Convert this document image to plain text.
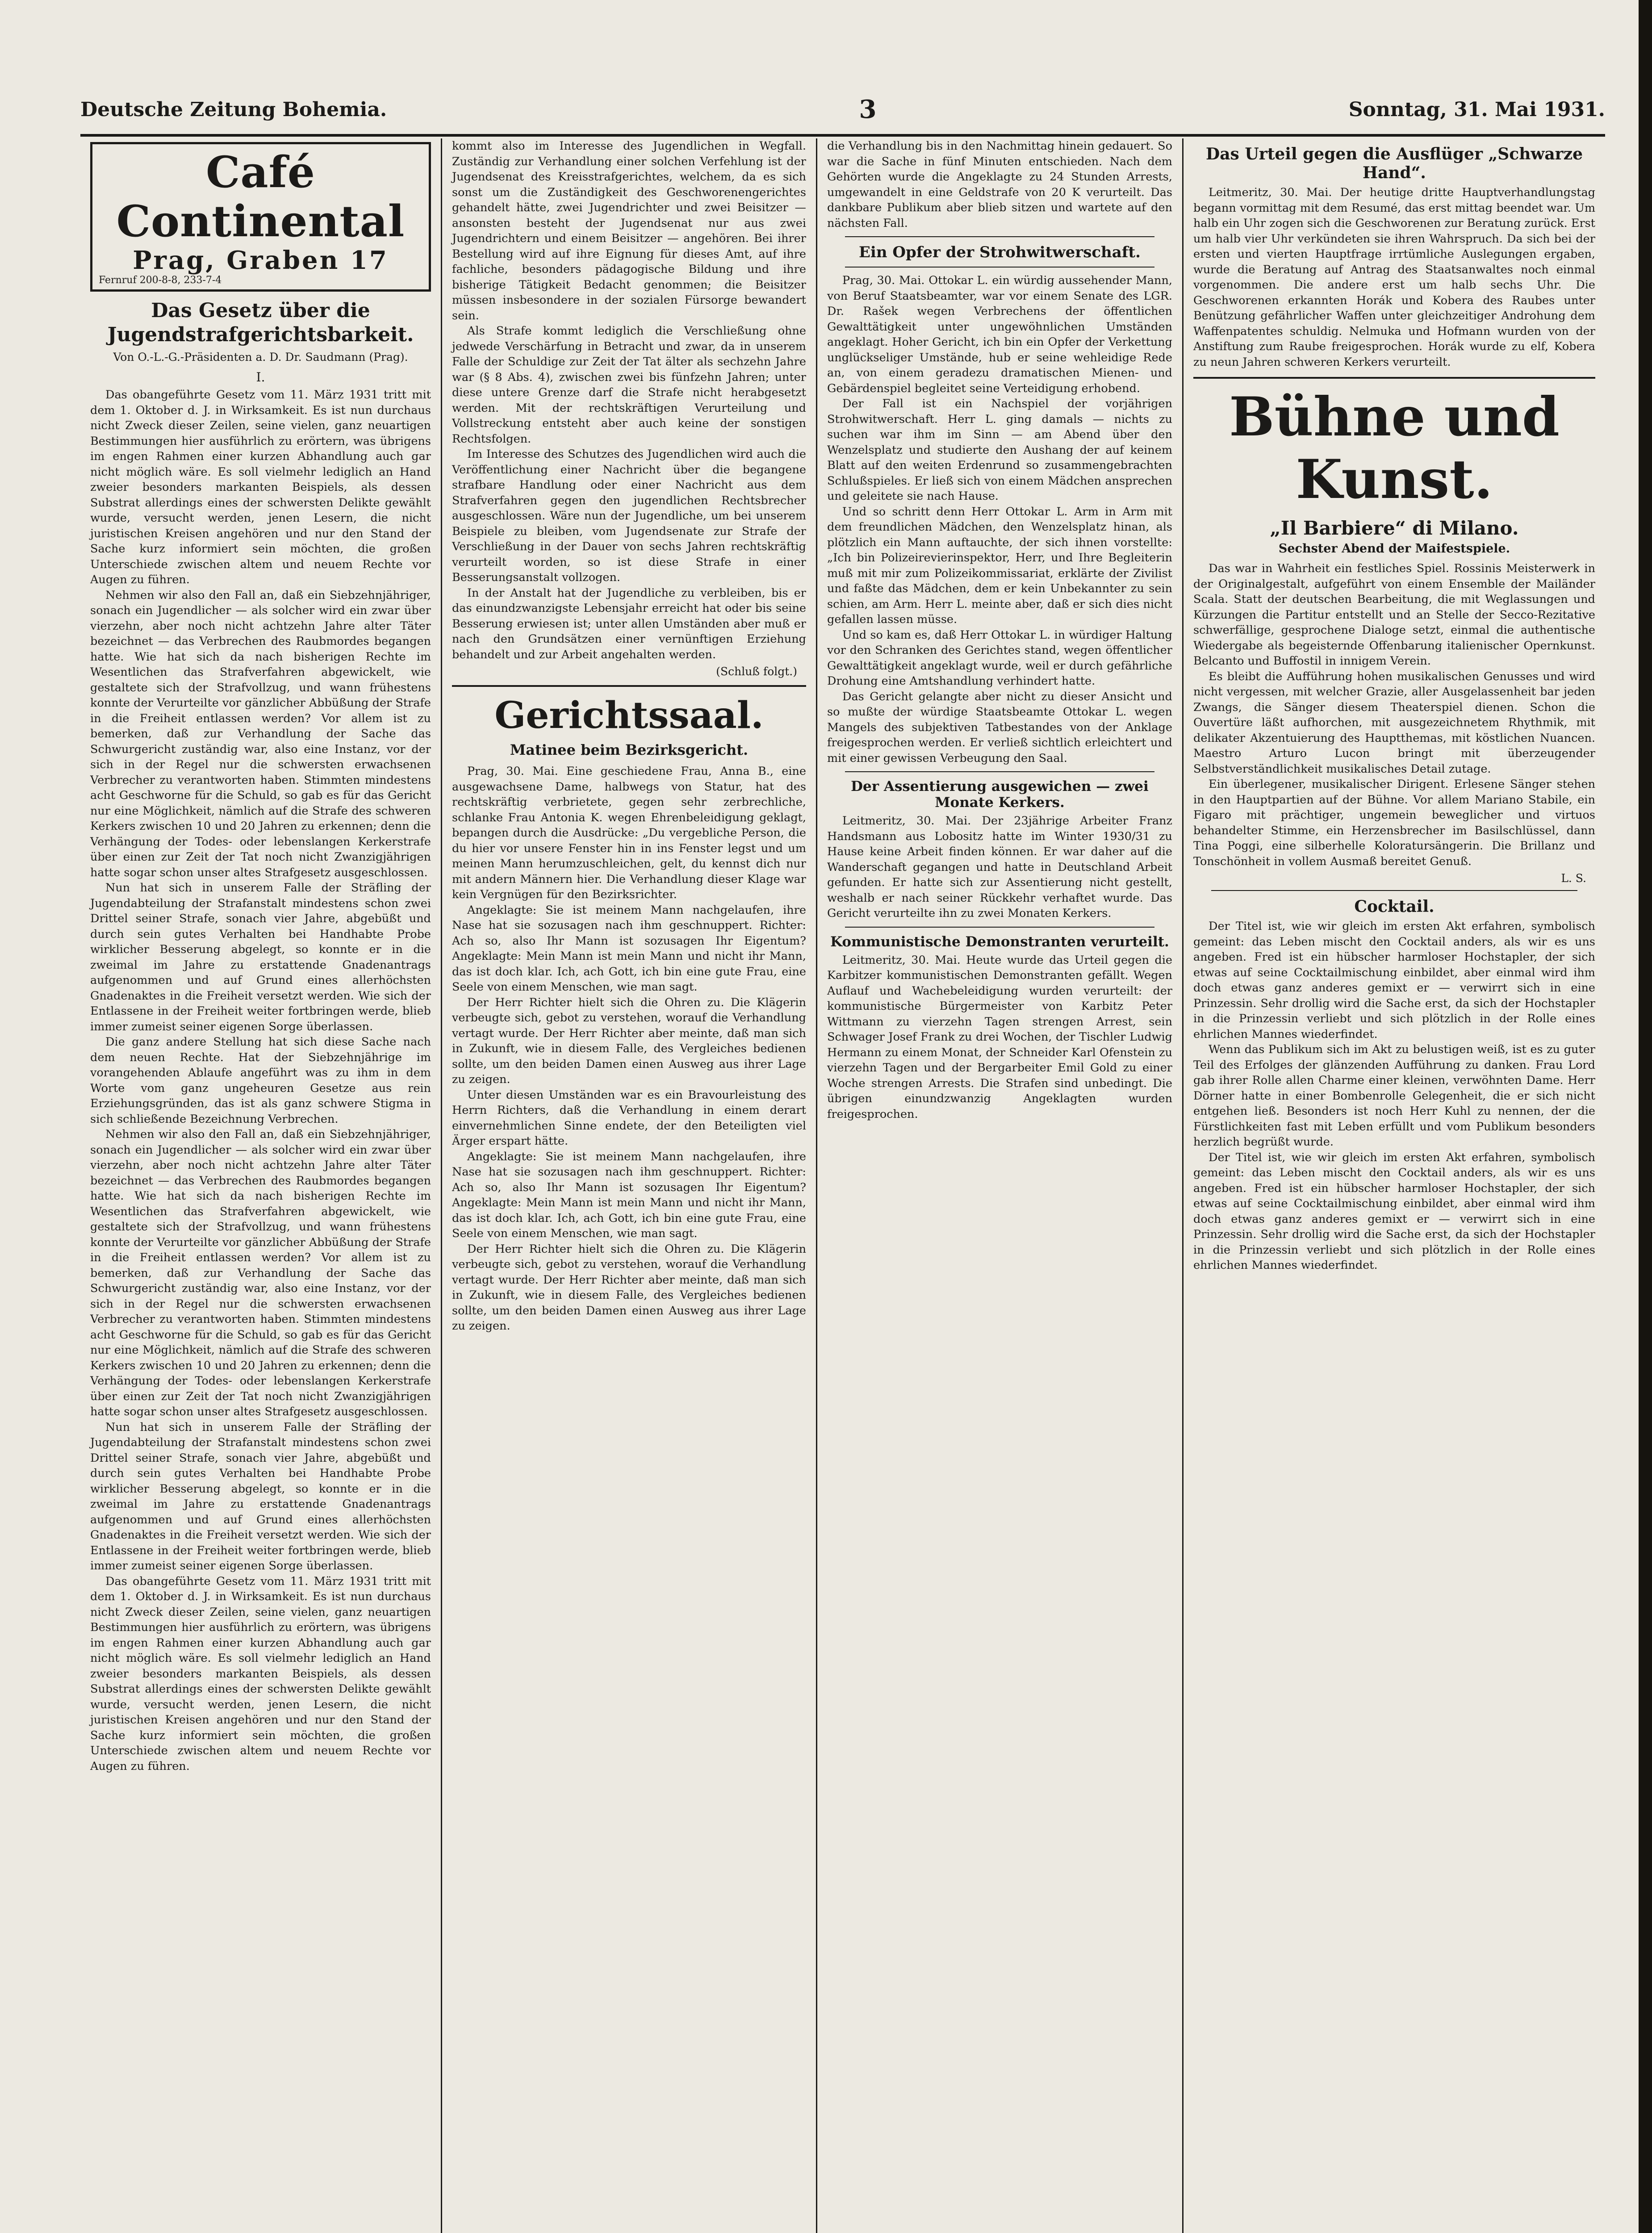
Deutsche Zeitung Bohemia.	3	Sonntag, 31. Mai 1931.
Café Continental
Prag, Graben 17
Fernruf 200-8-8, 233-7-4
Das Gesetz über die Jugendstrafgerichtsbarkeit.
Von O.-L.-G.-Präsidenten a. D. Dr. Saudmann (Prag).
I.

Das obangeführte Gesetz vom 11. März 1931 tritt mit dem 1. Oktober d. J. in Wirksamkeit. Es ist nun durchaus nicht Zweck dieser Zeilen, seine vielen, ganz neuartigen Bestimmungen hier ausführlich zu erörtern, was übrigens im engen Rahmen einer kurzen Abhandlung auch gar nicht möglich wäre. Es soll vielmehr lediglich an Hand zweier besonders markanten Beispiels, als dessen Substrat allerdings eines der schwersten Delikte gewählt wurde, versucht werden, jenen Lesern, die nicht juristischen Kreisen angehören und nur den Stand der Sache kurz informiert sein möchten, die großen Unterschiede zwischen altem und neuem Rechte vor Augen zu führen.

Nehmen wir also den Fall an, daß ein Siebzehnjähriger, sonach ein Jugendlicher — als solcher wird ein zwar über vierzehn, aber noch nicht achtzehn Jahre alter Täter bezeichnet — das Verbrechen des Raubmordes begangen hatte. Wie hat sich da nach bisherigen Rechte im Wesentlichen das Strafverfahren abgewickelt, wie gestaltete sich der Strafvollzug, und wann frühestens konnte der Verurteilte vor gänzlicher Abbüßung der Strafe in die Freiheit entlassen werden? Vor allem ist zu bemerken, daß zur Verhandlung der Sache das Schwurgericht zuständig war, also eine Instanz, vor der sich in der Regel nur die schwersten erwachsenen Verbrecher zu verantworten haben. Stimmten mindestens acht Geschworne für die Schuld, so gab es für das Gericht nur eine Möglichkeit, nämlich auf die Strafe des schweren Kerkers zwischen 10 und 20 Jahren zu erkennen; denn die Verhängung der Todes- oder lebenslangen Kerkerstrafe über einen zur Zeit der Tat noch nicht Zwanzigjährigen hatte sogar schon unser altes Strafgesetz ausgeschlossen.

Nun hat sich in unserem Falle der Sträfling der Jugendabteilung der Strafanstalt mindestens schon zwei Drittel seiner Strafe, sonach vier Jahre, abgebüßt und durch sein gutes Verhalten bei Handhabte Probe wirklicher Besserung abgelegt, so konnte er in die zweimal im Jahre zu erstattende Gnadenantrags aufgenommen und auf Grund eines allerhöchsten Gnadenaktes in die Freiheit versetzt werden. Wie sich der Entlassene in der Freiheit weiter fortbringen werde, blieb immer zumeist seiner eigenen Sorge überlassen.

Die ganz andere Stellung hat sich diese Sache nach dem neuen Rechte. Hat der Siebzehnjährige im vorangehenden Ablaufe angeführt was zu ihm in dem Worte vom ganz ungeheuren Gesetze aus rein Erziehungsgründen, das ist als ganz schwere Stigma in sich schließende Bezeichnung Verbrechen.

Nehmen wir also den Fall an, daß ein Siebzehnjähriger, sonach ein Jugendlicher — als solcher wird ein zwar über vierzehn, aber noch nicht achtzehn Jahre alter Täter bezeichnet — das Verbrechen des Raubmordes begangen hatte. Wie hat sich da nach bisherigen Rechte im Wesentlichen das Strafverfahren abgewickelt, wie gestaltete sich der Strafvollzug, und wann frühestens konnte der Verurteilte vor gänzlicher Abbüßung der Strafe in die Freiheit entlassen werden? Vor allem ist zu bemerken, daß zur Verhandlung der Sache das Schwurgericht zuständig war, also eine Instanz, vor der sich in der Regel nur die schwersten erwachsenen Verbrecher zu verantworten haben. Stimmten mindestens acht Geschworne für die Schuld, so gab es für das Gericht nur eine Möglichkeit, nämlich auf die Strafe des schweren Kerkers zwischen 10 und 20 Jahren zu erkennen; denn die Verhängung der Todes- oder lebenslangen Kerkerstrafe über einen zur Zeit der Tat noch nicht Zwanzigjährigen hatte sogar schon unser altes Strafgesetz ausgeschlossen.

Nun hat sich in unserem Falle der Sträfling der Jugendabteilung der Strafanstalt mindestens schon zwei Drittel seiner Strafe, sonach vier Jahre, abgebüßt und durch sein gutes Verhalten bei Handhabte Probe wirklicher Besserung abgelegt, so konnte er in die zweimal im Jahre zu erstattende Gnadenantrags aufgenommen und auf Grund eines allerhöchsten Gnadenaktes in die Freiheit versetzt werden. Wie sich der Entlassene in der Freiheit weiter fortbringen werde, blieb immer zumeist seiner eigenen Sorge überlassen.

Das obangeführte Gesetz vom 11. März 1931 tritt mit dem 1. Oktober d. J. in Wirksamkeit. Es ist nun durchaus nicht Zweck dieser Zeilen, seine vielen, ganz neuartigen Bestimmungen hier ausführlich zu erörtern, was übrigens im engen Rahmen einer kurzen Abhandlung auch gar nicht möglich wäre. Es soll vielmehr lediglich an Hand zweier besonders markanten Beispiels, als dessen Substrat allerdings eines der schwersten Delikte gewählt wurde, versucht werden, jenen Lesern, die nicht juristischen Kreisen angehören und nur den Stand der Sache kurz informiert sein möchten, die großen Unterschiede zwischen altem und neuem Rechte vor Augen zu führen.

kommt also im Interesse des Jugendlichen in Wegfall. Zuständig zur Verhandlung einer solchen Verfehlung ist der Jugendsenat des Kreisstrafgerichtes, welchem, da es sich sonst um die Zuständigkeit des Geschworenengerichtes gehandelt hätte, zwei Jugendrichter und zwei Beisitzer — ansonsten besteht der Jugendsenat nur aus zwei Jugendrichtern und einem Beisitzer — angehören. Bei ihrer Bestellung wird auf ihre Eignung für dieses Amt, auf ihre fachliche, besonders pädagogische Bildung und ihre bisherige Tätigkeit Bedacht genommen; die Beisitzer müssen insbesondere in der sozialen Fürsorge bewandert sein.

Als Strafe kommt lediglich die Verschließung ohne jedwede Verschärfung in Betracht und zwar, da in unserem Falle der Schuldige zur Zeit der Tat älter als sechzehn Jahre war (§ 8 Abs. 4), zwischen zwei bis fünfzehn Jahren; unter diese untere Grenze darf die Strafe nicht herabgesetzt werden. Mit der rechtskräftigen Verurteilung und Vollstreckung entsteht aber auch keine der sonstigen Rechtsfolgen.

Im Interesse des Schutzes des Jugendlichen wird auch die Veröffentlichung einer Nachricht über die begangene strafbare Handlung oder einer Nachricht aus dem Strafverfahren gegen den jugendlichen Rechtsbrecher ausgeschlossen. Wäre nun der Jugendliche, um bei unserem Beispiele zu bleiben, vom Jugendsenate zur Strafe der Verschließung in der Dauer von sechs Jahren rechtskräftig verurteilt worden, so ist diese Strafe in einer Besserungsanstalt vollzogen.

In der Anstalt hat der Jugendliche zu verbleiben, bis er das einundzwanzigste Lebensjahr erreicht hat oder bis seine Besserung erwiesen ist; unter allen Umständen aber muß er nach den Grundsätzen einer vernünftigen Erziehung behandelt und zur Arbeit angehalten werden.

(Schluß folgt.)
Gerichtssaal.
Matinee beim Bezirksgericht.

Prag, 30. Mai. Eine geschiedene Frau, Anna B., eine ausgewachsene Dame, halbwegs von Statur, hat des rechtskräftig verbrietete, gegen sehr zerbrechliche, schlanke Frau Antonia K. wegen Ehrenbeleidigung geklagt, bepangen durch die Ausdrücke: „Du vergebliche Person, die du hier vor unsere Fenster hin in ins Fenster legst und um meinen Mann herumzuschleichen, gelt, du kennst dich nur mit andern Männern hier. Die Verhandlung dieser Klage war kein Vergnügen für den Bezirksrichter.

Angeklagte: Sie ist meinem Mann nachgelaufen, ihre Nase hat sie sozusagen nach ihm geschnuppert. Richter: Ach so, also Ihr Mann ist sozusagen Ihr Eigentum? Angeklagte: Mein Mann ist mein Mann und nicht ihr Mann, das ist doch klar. Ich, ach Gott, ich bin eine gute Frau, eine Seele von einem Menschen, wie man sagt.

Der Herr Richter hielt sich die Ohren zu. Die Klägerin verbeugte sich, gebot zu verstehen, worauf die Verhandlung vertagt wurde. Der Herr Richter aber meinte, daß man sich in Zukunft, wie in diesem Falle, des Vergleiches bedienen sollte, um den beiden Damen einen Ausweg aus ihrer Lage zu zeigen.

Unter diesen Umständen war es ein Bravourleistung des Herrn Richters, daß die Verhandlung in einem derart einvernehmlichen Sinne endete, der den Beteiligten viel Ärger erspart hätte.

Angeklagte: Sie ist meinem Mann nachgelaufen, ihre Nase hat sie sozusagen nach ihm geschnuppert. Richter: Ach so, also Ihr Mann ist sozusagen Ihr Eigentum? Angeklagte: Mein Mann ist mein Mann und nicht ihr Mann, das ist doch klar. Ich, ach Gott, ich bin eine gute Frau, eine Seele von einem Menschen, wie man sagt.

Der Herr Richter hielt sich die Ohren zu. Die Klägerin verbeugte sich, gebot zu verstehen, worauf die Verhandlung vertagt wurde. Der Herr Richter aber meinte, daß man sich in Zukunft, wie in diesem Falle, des Vergleiches bedienen sollte, um den beiden Damen einen Ausweg aus ihrer Lage zu zeigen.

die Verhandlung bis in den Nachmittag hinein gedauert. So war die Sache in fünf Minuten entschieden. Nach dem Gehörten wurde die Angeklagte zu 24 Stunden Arrests, umgewandelt in eine Geldstrafe von 20 K verurteilt. Das dankbare Publikum aber blieb sitzen und wartete auf den nächsten Fall.

Ein Opfer der Strohwitwerschaft.

Prag, 30. Mai. Ottokar L. ein würdig aussehender Mann, von Beruf Staatsbeamter, war vor einem Senate des LGR. Dr. Rašek wegen Verbrechens der öffentlichen Gewalttätigkeit unter ungewöhnlichen Umständen angeklagt. Hoher Gericht, ich bin ein Opfer der Verkettung unglückseliger Umstände, hub er seine wehleidige Rede an, von einem geradezu dramatischen Mienen- und Gebärdenspiel begleitet seine Verteidigung erhobend.

Der Fall ist ein Nachspiel der vorjährigen Strohwitwerschaft. Herr L. ging damals — nichts zu suchen war ihm im Sinn — am Abend über den Wenzelsplatz und studierte den Aushang der auf keinem Blatt auf den weiten Erdenrund so zusammengebrachten Schlußspieles. Er ließ sich von einem Mädchen ansprechen und geleitete sie nach Hause.

Und so schritt denn Herr Ottokar L. Arm in Arm mit dem freundlichen Mädchen, den Wenzelsplatz hinan, als plötzlich ein Mann auftauchte, der sich ihnen vorstellte: „Ich bin Polizeirevierinspektor, Herr, und Ihre Begleiterin muß mit mir zum Polizeikommissariat, erklärte der Zivilist und faßte das Mädchen, dem er kein Unbekannter zu sein schien, am Arm. Herr L. meinte aber, daß er sich dies nicht gefallen lassen müsse.

Und so kam es, daß Herr Ottokar L. in würdiger Haltung vor den Schranken des Gerichtes stand, wegen öffentlicher Gewalttätigkeit angeklagt wurde, weil er durch gefährliche Drohung eine Amtshandlung verhindert hatte.

Das Gericht gelangte aber nicht zu dieser Ansicht und so mußte der würdige Staatsbeamte Ottokar L. wegen Mangels des subjektiven Tatbestandes von der Anklage freigesprochen werden. Er verließ sichtlich erleichtert und mit einer gewissen Verbeugung den Saal.

Der Assentierung ausgewichen — zwei Monate Kerkers.

Leitmeritz, 30. Mai. Der 23jährige Arbeiter Franz Handsmann aus Lobositz hatte im Winter 1930/31 zu Hause keine Arbeit finden können. Er war daher auf die Wanderschaft gegangen und hatte in Deutschland Arbeit gefunden. Er hatte sich zur Assentierung nicht gestellt, weshalb er nach seiner Rückkehr verhaftet wurde. Das Gericht verurteilte ihn zu zwei Monaten Kerkers.

Kommunistische Demonstranten verurteilt.

Leitmeritz, 30. Mai. Heute wurde das Urteil gegen die Karbitzer kommunistischen Demonstranten gefällt. Wegen Auflauf und Wachebeleidigung wurden verurteilt: der kommunistische Bürgermeister von Karbitz Peter Wittmann zu vierzehn Tagen strengen Arrest, sein Schwager Josef Frank zu drei Wochen, der Tischler Ludwig Hermann zu einem Monat, der Schneider Karl Ofenstein zu vierzehn Tagen und der Bergarbeiter Emil Gold zu einer Woche strengen Arrests. Die Strafen sind unbedingt. Die übrigen einundzwanzig Angeklagten wurden freigesprochen.

Das Urteil gegen die Ausflüger „Schwarze Hand“.

Leitmeritz, 30. Mai. Der heutige dritte Hauptverhandlungstag begann vormittag mit dem Resumé, das erst mittag beendet war. Um halb ein Uhr zogen sich die Geschworenen zur Beratung zurück. Erst um halb vier Uhr verkündeten sie ihren Wahrspruch. Da sich bei der ersten und vierten Hauptfrage irrtümliche Auslegungen ergaben, wurde die Beratung auf Antrag des Staatsanwaltes noch einmal vorgenommen. Die andere erst um halb sechs Uhr. Die Geschworenen erkannten Horák und Kobera des Raubes unter Benützung gefährlicher Waffen unter gleichzeitiger Androhung dem Waffenpatentes schuldig. Nelmuka und Hofmann wurden von der Anstiftung zum Raube freigesprochen. Horák wurde zu elf, Kobera zu neun Jahren schweren Kerkers verurteilt.

Bühne und Kunst.
„Il Barbiere“ di Milano.
Sechster Abend der Maifestspiele.

Das war in Wahrheit ein festliches Spiel. Rossinis Meisterwerk in der Originalgestalt, aufgeführt von einem Ensemble der Mailänder Scala. Statt der deutschen Bearbeitung, die mit Weglassungen und Kürzungen die Partitur entstellt und an Stelle der Secco-Rezitative schwerfällige, gesprochene Dialoge setzt, einmal die authentische Wiedergabe als begeisternde Offenbarung italienischer Opernkunst. Belcanto und Buffostil in innigem Verein.

Es bleibt die Aufführung hohen musikalischen Genusses und wird nicht vergessen, mit welcher Grazie, aller Ausgelassenheit bar jeden Zwangs, die Sänger diesem Theaterspiel dienen. Schon die Ouvertüre läßt aufhorchen, mit ausgezeichnetem Rhythmik, mit delikater Akzentuierung des Hauptthemas, mit köstlichen Nuancen. Maestro Arturo Lucon bringt mit überzeugender Selbstverständlichkeit musikalisches Detail zutage.

Ein überlegener, musikalischer Dirigent. Erlesene Sänger stehen in den Hauptpartien auf der Bühne. Vor allem Mariano Stabile, ein Figaro mit prächtiger, ungemein beweglicher und virtuos behandelter Stimme, ein Herzensbrecher im Basilschlüssel, dann Tina Poggi, eine silberhelle Koloratursängerin. Die Brillanz und Tonschönheit in vollem Ausmaß bereitet Genuß.

L. S.
Cocktail.

Der Titel ist, wie wir gleich im ersten Akt erfahren, symbolisch gemeint: das Leben mischt den Cocktail anders, als wir es uns angeben. Fred ist ein hübscher harmloser Hochstapler, der sich etwas auf seine Cocktailmischung einbildet, aber einmal wird ihm doch etwas ganz anderes gemixt er — verwirrt sich in eine Prinzessin. Sehr drollig wird die Sache erst, da sich der Hochstapler in die Prinzessin verliebt und sich plötzlich in der Rolle eines ehrlichen Mannes wiederfindet.

Wenn das Publikum sich im Akt zu belustigen weiß, ist es zu guter Teil des Erfolges der glänzenden Aufführung zu danken. Frau Lord gab ihrer Rolle allen Charme einer kleinen, verwöhnten Dame. Herr Dörner hatte in einer Bombenrolle Gelegenheit, die er sich nicht entgehen ließ. Besonders ist noch Herr Kuhl zu nennen, der die Fürstlichkeiten fast mit Leben erfüllt und vom Publikum besonders herzlich begrüßt wurde.

Der Titel ist, wie wir gleich im ersten Akt erfahren, symbolisch gemeint: das Leben mischt den Cocktail anders, als wir es uns angeben. Fred ist ein hübscher harmloser Hochstapler, der sich etwas auf seine Cocktailmischung einbildet, aber einmal wird ihm doch etwas ganz anderes gemixt er — verwirrt sich in eine Prinzessin. Sehr drollig wird die Sache erst, da sich der Hochstapler in die Prinzessin verliebt und sich plötzlich in der Rolle eines ehrlichen Mannes wiederfindet.
